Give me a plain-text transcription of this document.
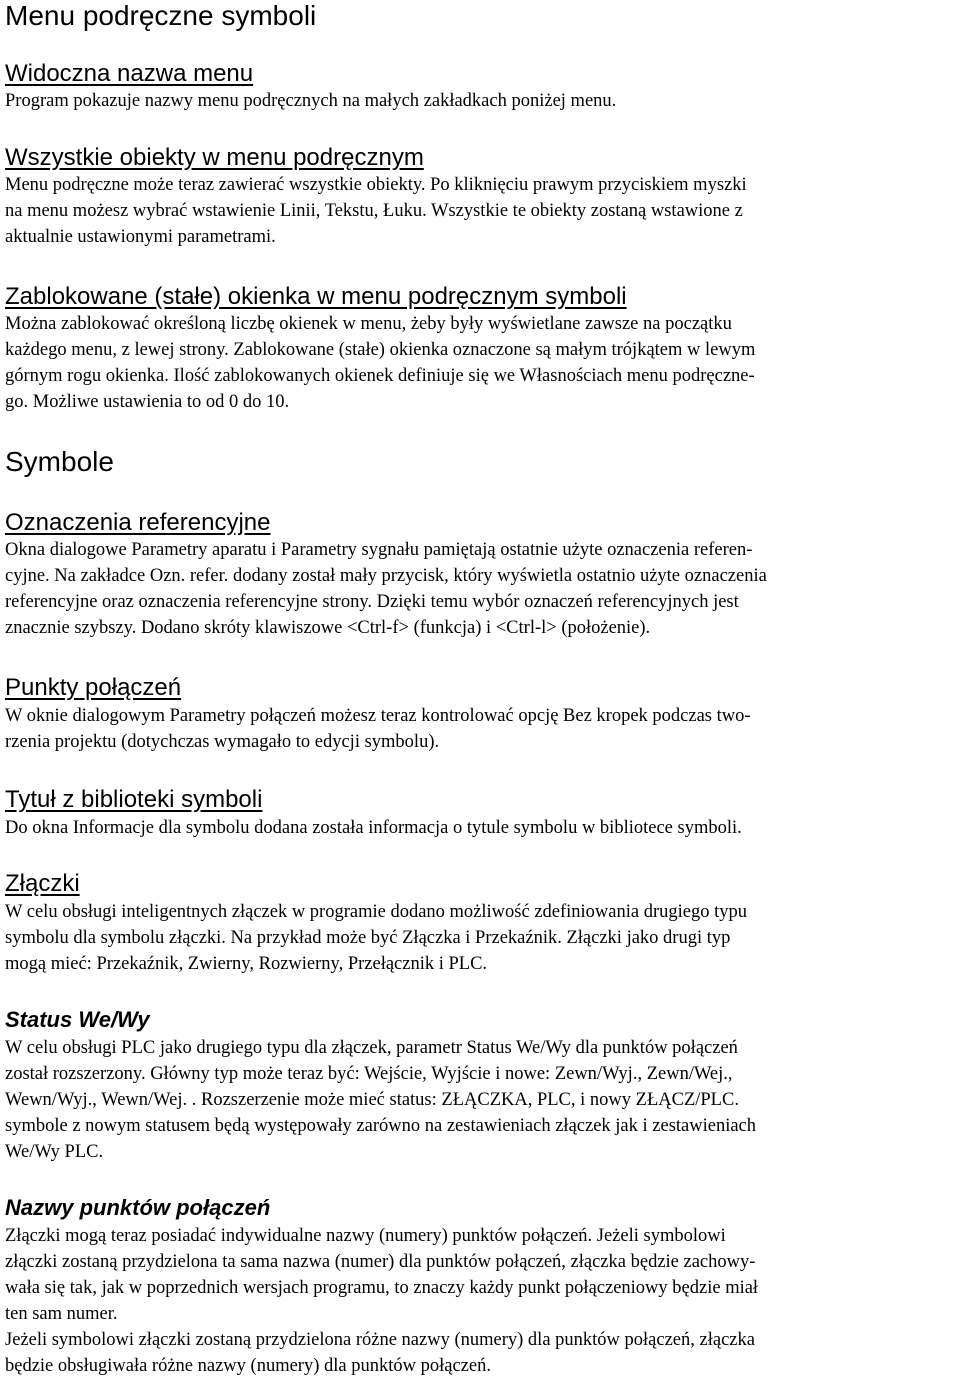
Menu podręczne symboli
Widoczna nazwa menu
Program pokazuje nazwy menu podręcznych na małych zakładkach poniżej menu.
Wszystkie obiekty w menu podręcznym
Menu podręczne może teraz zawierać wszystkie obiekty. Po kliknięciu prawym przyciskiem myszki
na menu możesz wybrać wstawienie Linii, Tekstu, Łuku. Wszystkie te obiekty zostaną wstawione z
aktualnie ustawionymi parametrami.
Zablokowane (stałe) okienka w menu podręcznym symboli
Można zablokować określoną liczbę okienek w menu, żeby były wyświetlane zawsze na początku
każdego menu, z lewej strony. Zablokowane (stałe) okienka oznaczone są małym trójkątem w lewym
górnym rogu okienka. Ilość zablokowanych okienek definiuje się we Własnościach menu podręczne-
go. Możliwe ustawienia to od 0 do 10.
Symbole
Oznaczenia referencyjne
Okna dialogowe Parametry aparatu i Parametry sygnału pamiętają ostatnie użyte oznaczenia referen-
cyjne. Na zakładce Ozn. refer. dodany został mały przycisk, który wyświetla ostatnio użyte oznaczenia
referencyjne oraz oznaczenia referencyjne strony. Dzięki temu wybór oznaczeń referencyjnych jest
znacznie szybszy. Dodano skróty klawiszowe <Ctrl-f> (funkcja) i <Ctrl-l> (położenie).
Punkty połączeń
W oknie dialogowym Parametry połączeń możesz teraz kontrolować opcję Bez kropek podczas two-
rzenia projektu (dotychczas wymagało to edycji symbolu).
Tytuł z biblioteki symboli
Do okna Informacje dla symbolu dodana została informacja o tytule symbolu w bibliotece symboli.
Złączki
W celu obsługi inteligentnych złączek w programie dodano możliwość zdefiniowania drugiego typu
symbolu dla symbolu złączki. Na przykład może być Złączka i Przekaźnik. Złączki jako drugi typ
mogą mieć: Przekaźnik, Zwierny, Rozwierny, Przełącznik i PLC.
Status We/Wy
W celu obsługi PLC jako drugiego typu dla złączek, parametr Status We/Wy dla punktów połączeń
został rozszerzony. Główny typ może teraz być: Wejście, Wyjście i nowe: Zewn/Wyj., Zewn/Wej.,
Wewn/Wyj., Wewn/Wej. . Rozszerzenie może mieć status: ZŁĄCZKA, PLC, i nowy ZŁĄCZ/PLC.
symbole z nowym statusem będą występowały zarówno na zestawieniach złączek jak i zestawieniach
We/Wy PLC.
Nazwy punktów połączeń
Złączki mogą teraz posiadać indywidualne nazwy (numery) punktów połączeń. Jeżeli symbolowi
złączki zostaną przydzielona ta sama nazwa (numer) dla punktów połączeń, złączka będzie zachowy-
wała się tak, jak w poprzednich wersjach programu, to znaczy każdy punkt połączeniowy będzie miał
ten sam numer.
Jeżeli symbolowi złączki zostaną przydzielona różne nazwy (numery) dla punktów połączeń, złączka
będzie obsługiwała różne nazwy (numery) dla punktów połączeń.
